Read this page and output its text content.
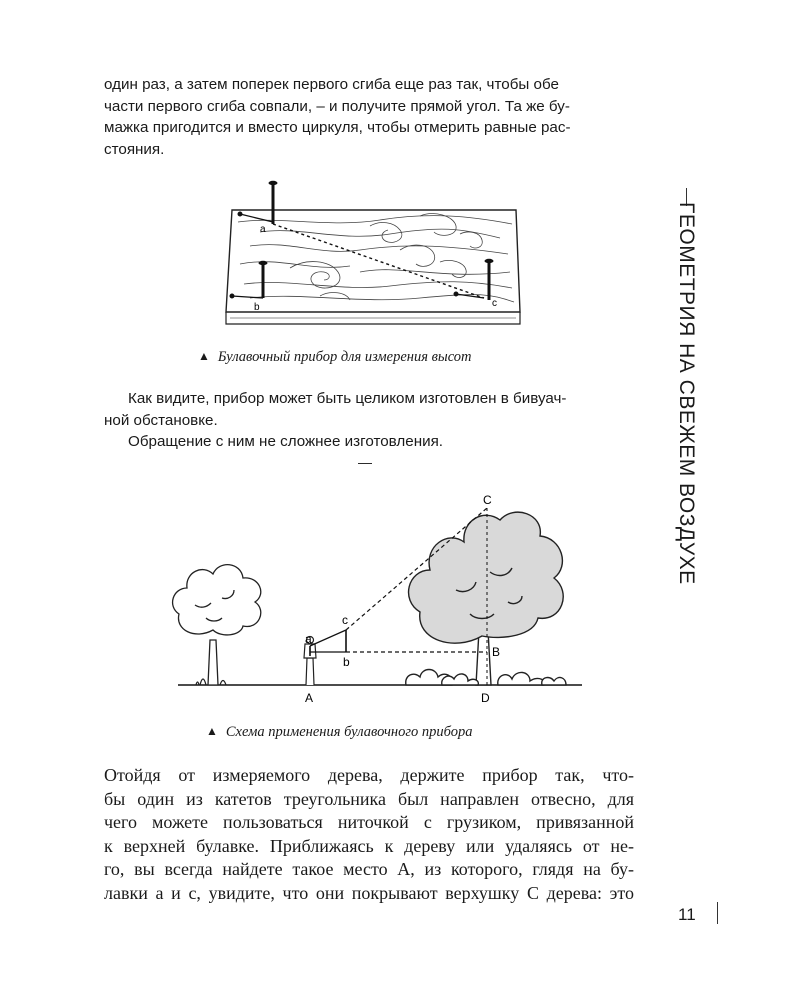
один раз, а затем поперек первого сгиба еще раз так, чтобы обе
части первого сгиба совпали, – и получите прямой угол. Та же бу-
мажка пригодится и вместо циркуля, чтобы отмерить равные рас-
стояния.
a
b	c
▲ Булавочный прибор для измерения высот
Как видите, прибор может быть целиком изготовлен в бивуач-
ной обстановке.
Обращение с ним не сложнее изготовления.
—
C
a
c
b
B
A	D
▲ Схема применения булавочного прибора
Отойдя от измеряемого дерева, держите прибор так, что-
бы один из катетов треугольника был направлен отвесно, для
чего можете пользоваться ниточкой с грузиком, привязанной
к верхней булавке. Приближаясь к дереву или удаляясь от не-
го, вы всегда найдете такое место A, из которого, глядя на бу-
лавки a и c, увидите, что они покрывают верхушку C дерева: это
ГЕОМЕТРИЯ НА СВЕЖЕМ ВОЗДУХЕ
11
